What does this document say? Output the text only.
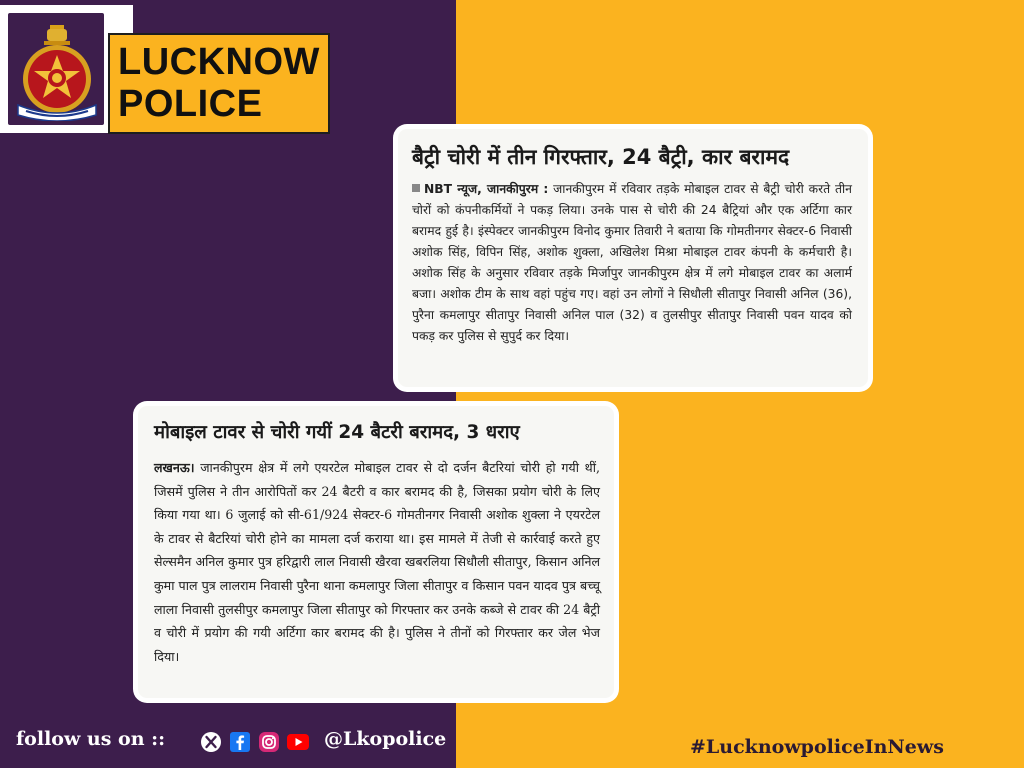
LUCKNOW
POLICE
बैट्री चोरी में तीन गिरफ्तार, 24 बैट्री, कार बरामद
NBT न्यूज, जानकीपुरम : जानकीपुरम में रविवार तड़के मोबाइल टावर से बैट्री चोरी करते तीन चोरों को कंपनीकर्मियों ने पकड़ लिया। उनके पास से चोरी की 24 बैट्रियां और एक अर्टिगा कार बरामद हुई है। इंस्पेक्टर जानकीपुरम विनोद कुमार तिवारी ने बताया कि गोमतीनगर सेक्टर-6 निवासी अशोक सिंह, विपिन सिंह, अशोक शुक्ला, अखिलेश मिश्रा मोबाइल टावर कंपनी के कर्मचारी है। अशोक सिंह के अनुसार रविवार तड़के मिर्जापुर जानकीपुरम क्षेत्र में लगे मोबाइल टावर का अलार्म बजा। अशोक टीम के साथ वहां पहुंच गए। वहां उन लोगों ने सिधौली सीतापुर निवासी अनिल (36), पुरैना कमलापुर सीतापुर निवासी अनिल पाल (32) व तुलसीपुर सीतापुर निवासी पवन यादव को पकड़ कर पुलिस से सुपुर्द कर दिया।
मोबाइल टावर से चोरी गयीं 24 बैटरी बरामद, 3 धराए
लखनऊ। जानकीपुरम क्षेत्र में लगे एयरटेल मोबाइल टावर से दो दर्जन बैटरियां चोरी हो गयी थीं, जिसमें पुलिस ने तीन आरोपितों कर 24 बैटरी व कार बरामद की है, जिसका प्रयोग चोरी के लिए किया गया था। 6 जुलाई को सी-61/924 सेक्टर-6 गोमतीनगर निवासी अशोक शुक्ला ने एयरटेल के टावर से बैटरियां चोरी होने का मामला दर्ज कराया था। इस मामले में तेजी से कार्रवाई करते हुए सेल्समैन अनिल कुमार पुत्र हरिद्वारी लाल निवासी खैरवा खबरलिया सिधौली सीतापुर, किसान अनिल कुमा पाल पुत्र लालराम निवासी पुरैना थाना कमलापुर जिला सीतापुर व किसान पवन यादव पुत्र बच्चू लाला निवासी तुलसीपुर कमलापुर जिला सीतापुर को गिरफ्तार कर उनके कब्जे से टावर की 24 बैट्री व चोरी में प्रयोग की गयी अर्टिगा कार बरामद की है। पुलिस ने तीनों को गिरफ्तार कर जेल भेज दिया।
follow us on ::	@Lkopolice	#LucknowpoliceInNews
